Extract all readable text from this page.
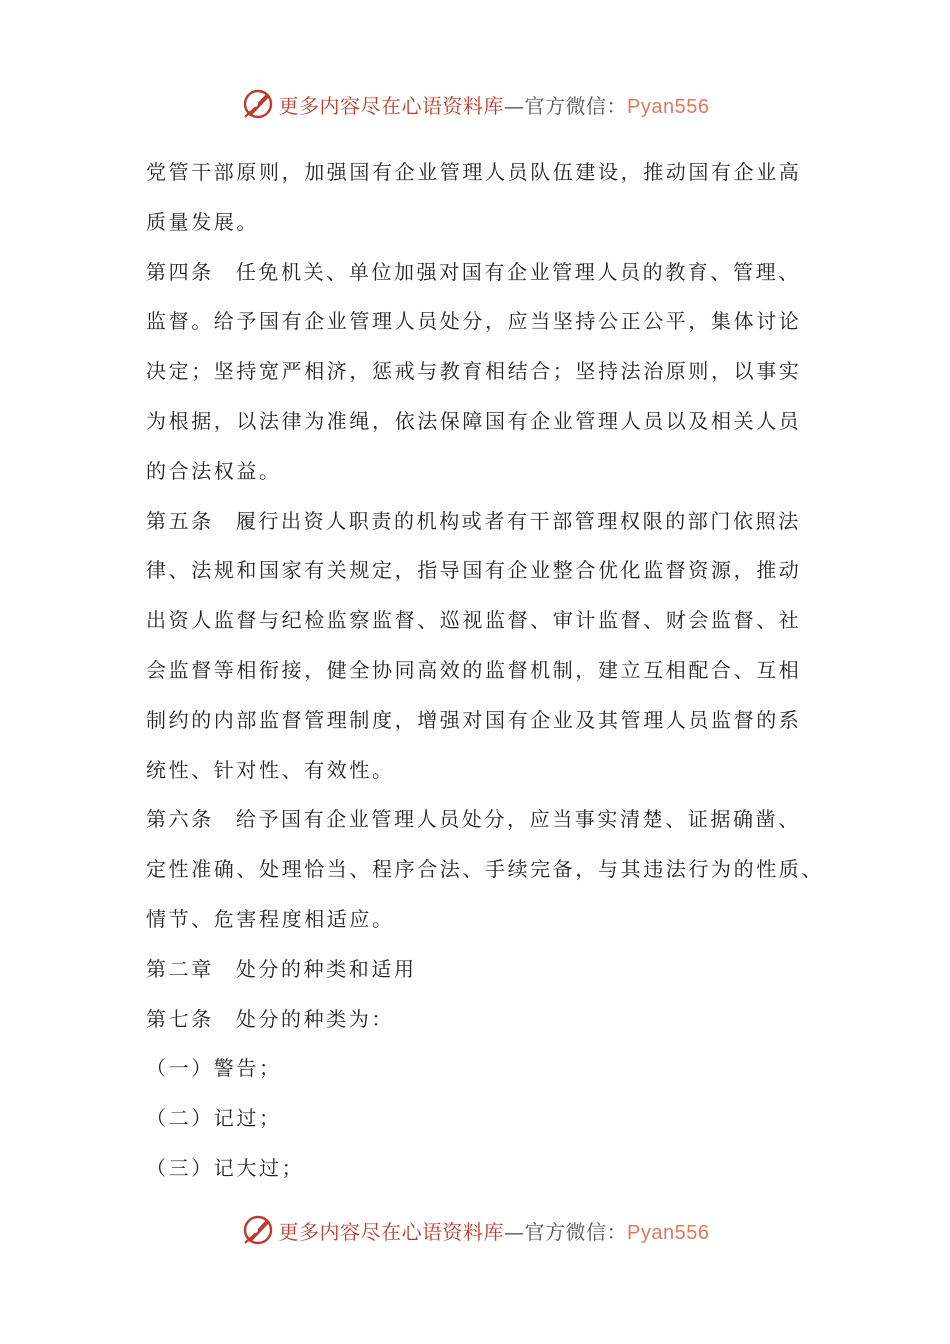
更多内容尽在心语资料库—官方微信：Pyan556
党管干部原则，加强国有企业管理人员队伍建设，推动国有企业高
质量发展。
第四条 任免机关、单位加强对国有企业管理人员的教育、管理、
监督。给予国有企业管理人员处分，应当坚持公正公平，集体讨论
决定；坚持宽严相济，惩戒与教育相结合；坚持法治原则，以事实
为根据，以法律为准绳，依法保障国有企业管理人员以及相关人员
的合法权益。
第五条 履行出资人职责的机构或者有干部管理权限的部门依照法
律、法规和国家有关规定，指导国有企业整合优化监督资源，推动
出资人监督与纪检监察监督、巡视监督、审计监督、财会监督、社
会监督等相衔接，健全协同高效的监督机制，建立互相配合、互相
制约的内部监督管理制度，增强对国有企业及其管理人员监督的系
统性、针对性、有效性。
第六条 给予国有企业管理人员处分，应当事实清楚、证据确凿、
定性准确、处理恰当、程序合法、手续完备，与其违法行为的性质、
情节、危害程度相适应。
第二章 处分的种类和适用
第七条 处分的种类为：
（一）警告；
（二）记过；
（三）记大过；
更多内容尽在心语资料库—官方微信：Pyan556
